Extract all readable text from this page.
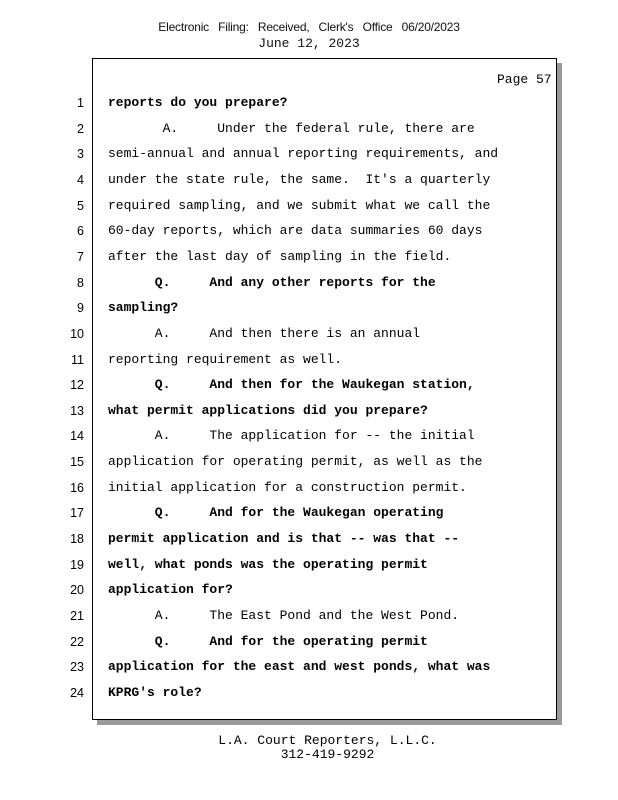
Electronic Filing: Received, Clerk's Office 06/20/2023
June 12, 2023
Page 57
1 reports do you prepare?
2 A.     Under the federal rule, there are
3 semi-annual and annual reporting requirements, and
4 under the state rule, the same.  It's a quarterly
5 required sampling, and we submit what we call the
6 60-day reports, which are data summaries 60 days
7 after the last day of sampling in the field.
8 Q.     And any other reports for the
9 sampling?
10 A.     And then there is an annual
11 reporting requirement as well.
12 Q.     And then for the Waukegan station,
13 what permit applications did you prepare?
14 A.     The application for -- the initial
15 application for operating permit, as well as the
16 initial application for a construction permit.
17 Q.     And for the Waukegan operating
18 permit application and is that -- was that --
19 well, what ponds was the operating permit
20 application for?
21 A.     The East Pond and the West Pond.
22 Q.     And for the operating permit
23 application for the east and west ponds, what was
24 KPRG's role?
L.A. Court Reporters, L.L.C.
312-419-9292
